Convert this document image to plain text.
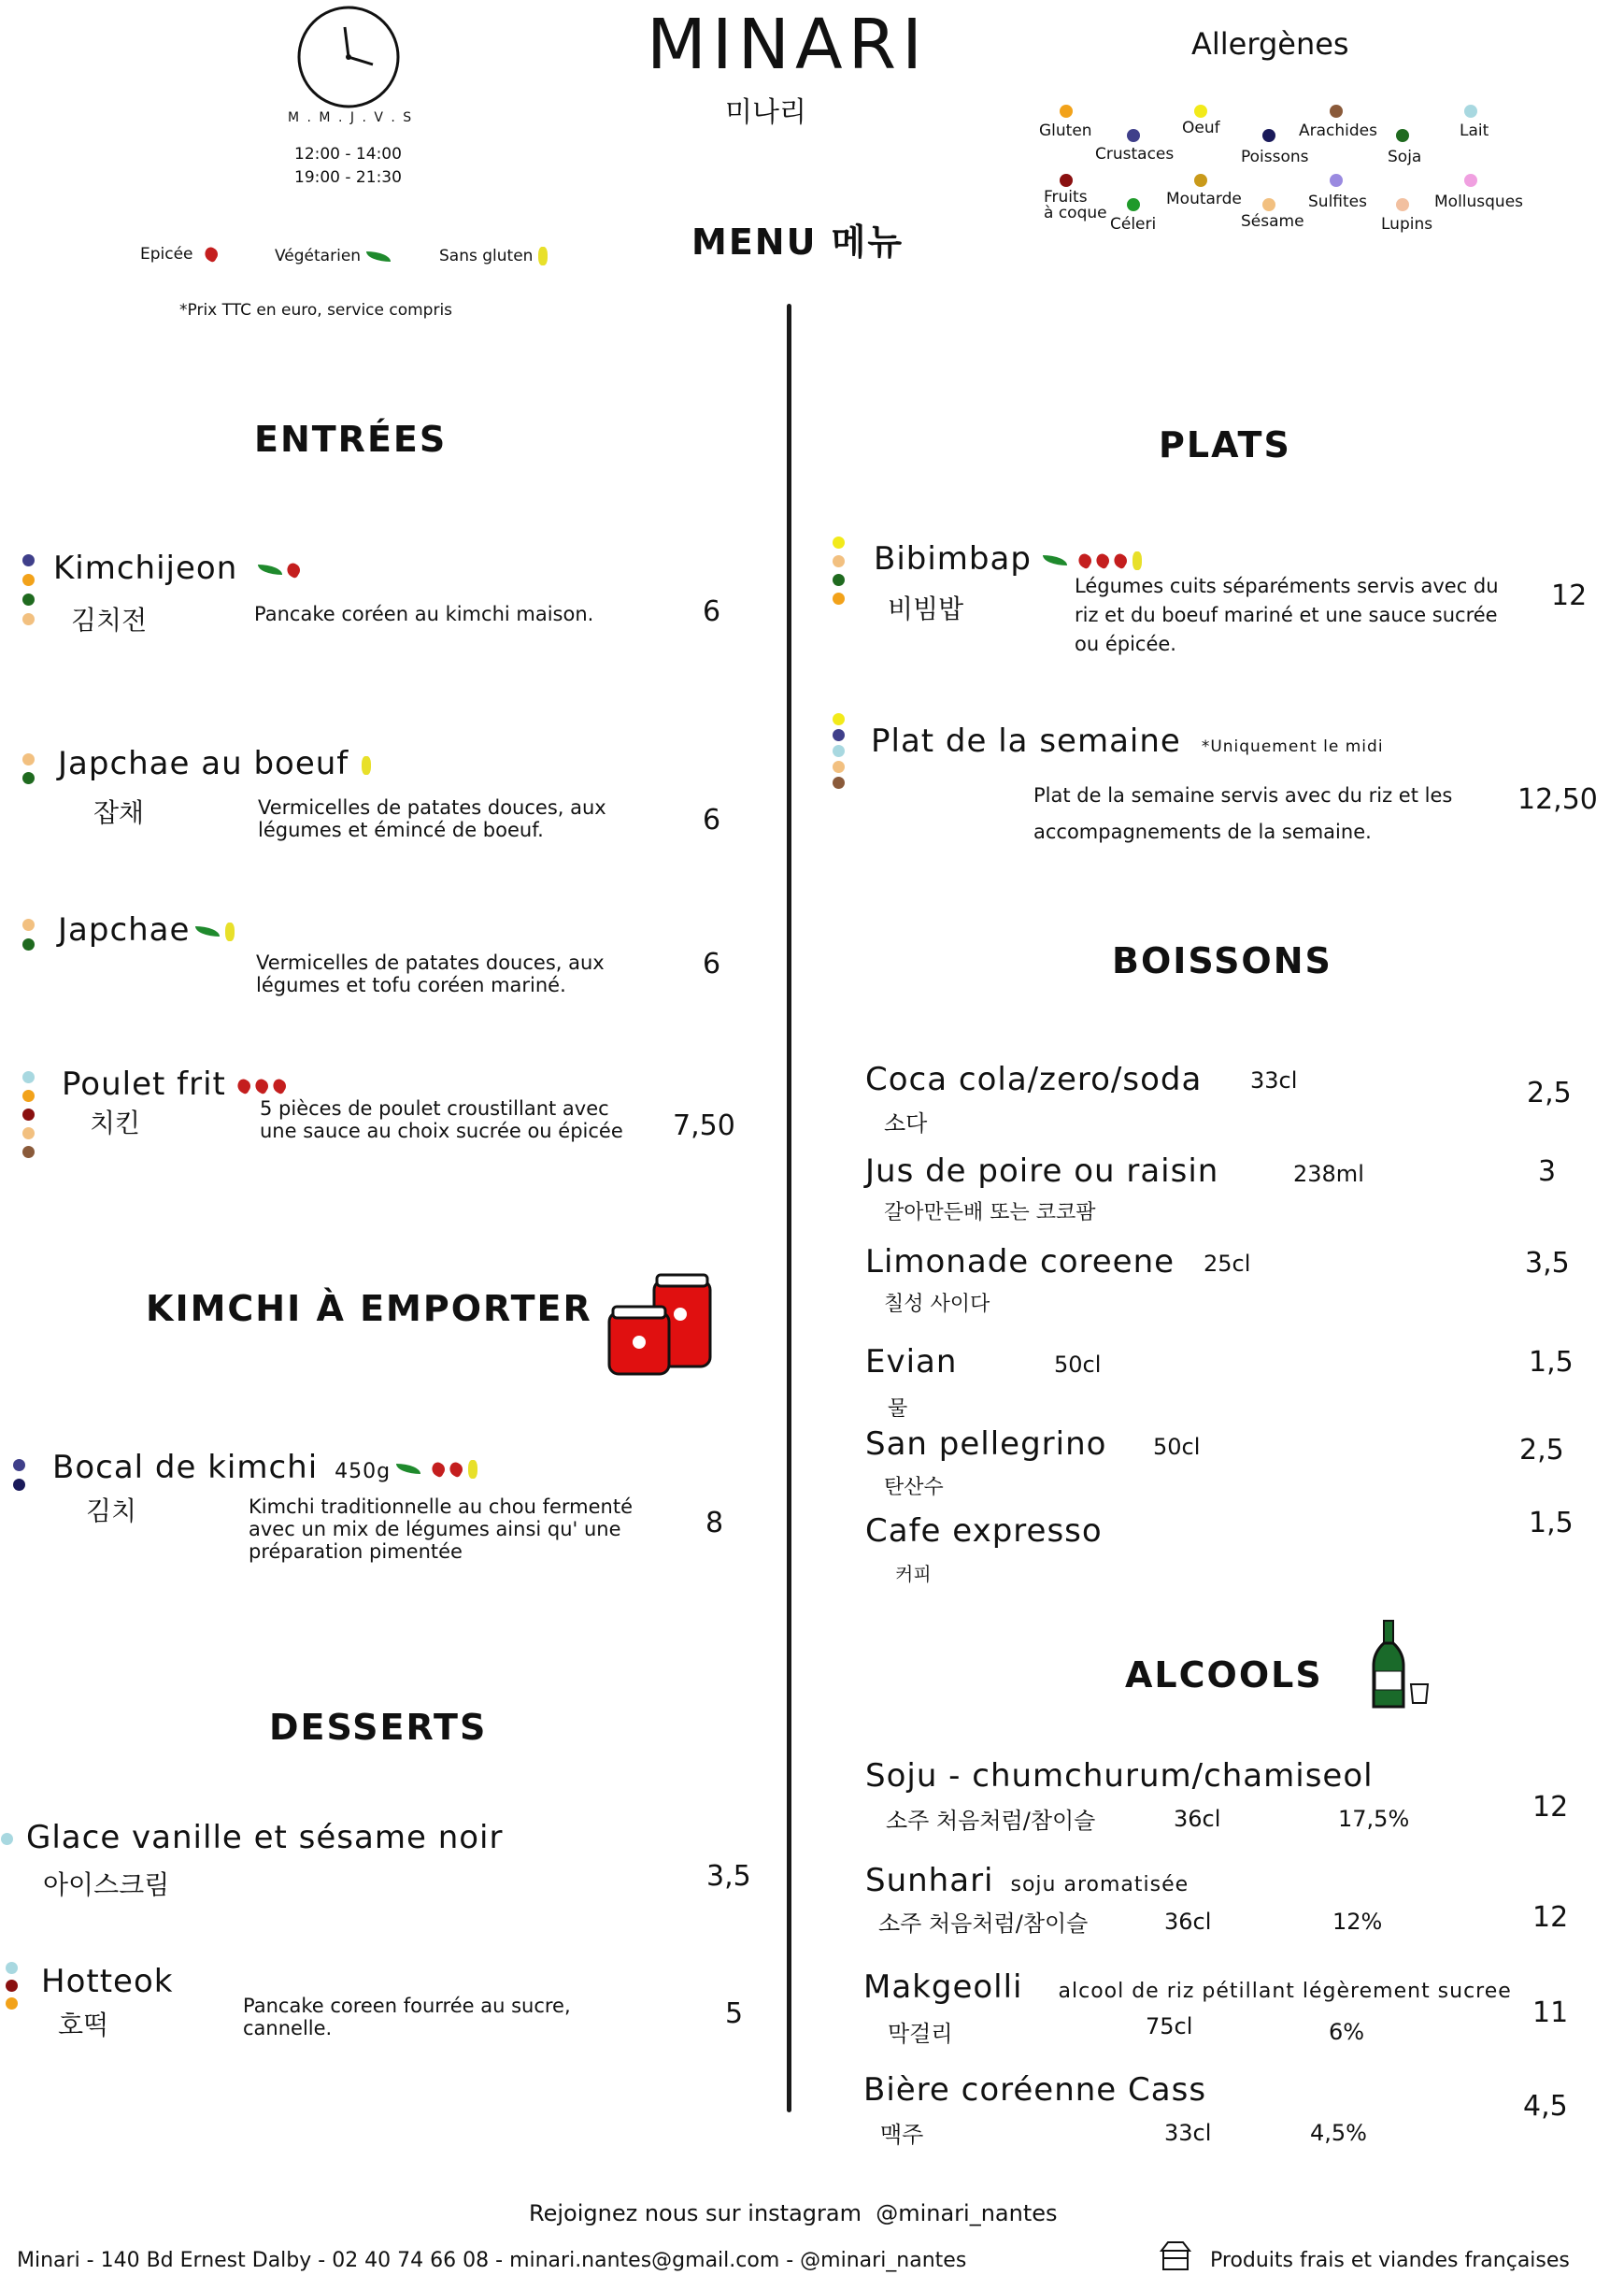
M . M . J . V . S
12:00 - 14:00
19:00 - 21:30
MINARI
미나리
MENU 메뉴
Allergènes
Gluten
Crustaces
Oeuf
Poissons
Arachides
Soja
Lait
Fruits
à coque
Céleri
Moutarde
Sésame
Sulfites
Lupins
Mollusques
Epicée	Végétarien	Sans gluten
*Prix TTC en euro, service compris
ENTRÉES
Kimchijeon
김치전	Pancake coréen au kimchi maison.	6
Japchae au boeuf
잡채	Vermicelles de patates douces, aux légumes et émincé de boeuf.	6
Japchae
Vermicelles de patates douces, aux légumes et tofu coréen mariné.
6
Poulet frit
치킨	5 pièces de poulet croustillant avec une sauce au choix sucrée ou épicée 7,50
KIMCHI À EMPORTER
Bocal de kimchi 450g
김치	Kimchi traditionnelle au chou fermenté avec un mix de légumes ainsi qu' une préparation pimentée
8
DESSERTS
Glace vanille et sésame noir
아이스크림	3,5
Hotteok
호떡
Pancake coreen fourrée au sucre, cannelle.	5
PLATS
Bibimbap
비빔밥
Légumes cuits séparéments servis avec du riz et du boeuf mariné et une sauce sucrée ou épicée.
12
Plat de la semaine *Uniquement le midi
Plat de la semaine servis avec du riz et les accompagnements de la semaine.
12,50
BOISSONS
Coca cola/zero/soda 33cl
소다
2,5
Jus de poire ou raisin	238ml
갈아만든배 또는 코코팜
3
Limonade coreene 25cl
칠성 사이다
3,5
Evian	50cl
물
1,5
San pellegrino 50cl
탄산수
2,5
Cafe expresso
커피
1,5
ALCOOLS
Soju - chumchurum/chamiseol
소주 처음처럼/참이슬	36cl	17,5%	12
Sunhari soju aromatisée
소주 처음처럼/참이슬	36cl	12%	12
Makgeolli alcool de riz pétillant légèrement sucree
막걸리	75cl	6%
11
Bière coréenne Cass
맥주	33cl	4,5%
4,5
Rejoignez nous sur instagram  @minari_nantes
Minari - 140 Bd Ernest Dalby - 02 40 74 66 08 - minari.nantes@gmail.com - @minari_nantes	Produits frais et viandes françaises
